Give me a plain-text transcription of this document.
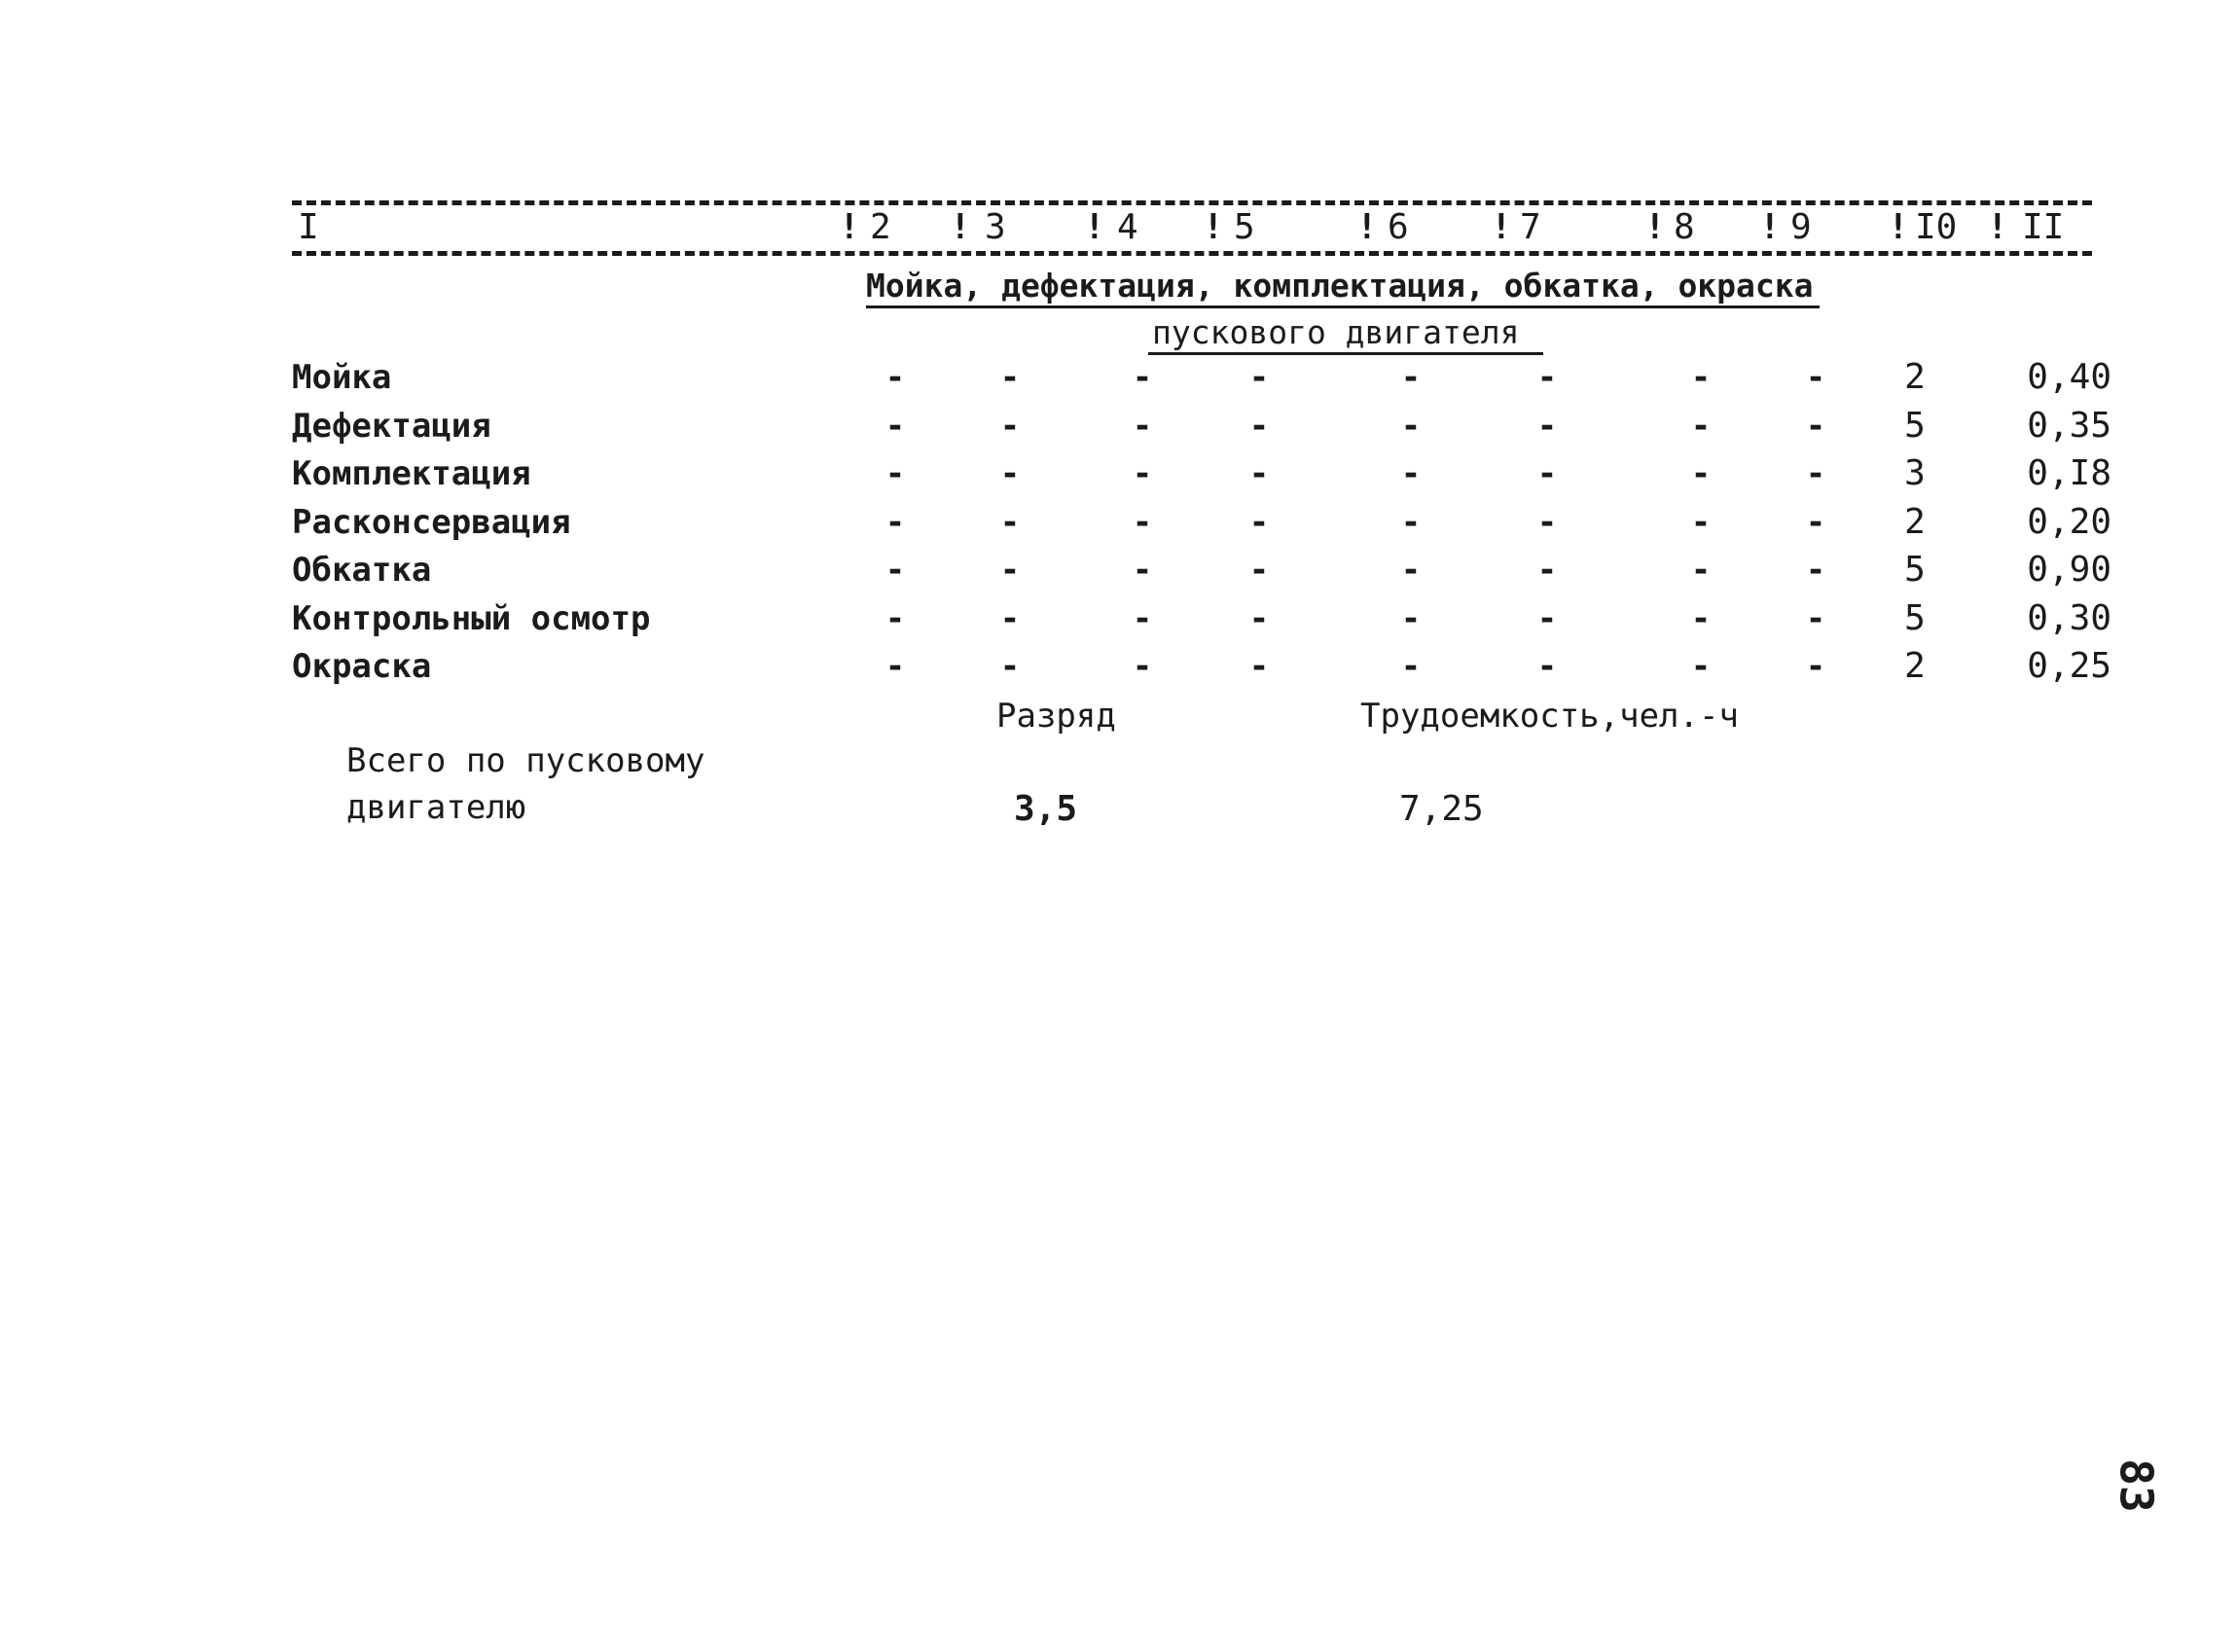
I	! 2 ! 3 ! 4 ! 5	! 6 ! 7	! 8 ! 9 ! I0 ! II
Мойка, дефектация, комплектация, обкатка, окраска
пускового двигателя
Мойка	-	-	-	-	-	-	-	- 2	0,40
Дефектация	-	-	-	-	-	-	-	- 5	0,35
Комплектация	-	-	-	-	-	-	-	- 3	0,I8
Расконсервация	-	-	-	-	-	-	-	- 2	0,20
Обкатка	-	-	-	-	-	-	-	- 5	0,90
Контрольный осмотр	-	-	-	-	-	-	-	- 5	0,30
Окраска	-	-	-	-	-	-	-	- 2	0,25
Разряд	Трудоемкость,чел.-ч
Всего по пусковому
двигателю	3,5	7,25
83
